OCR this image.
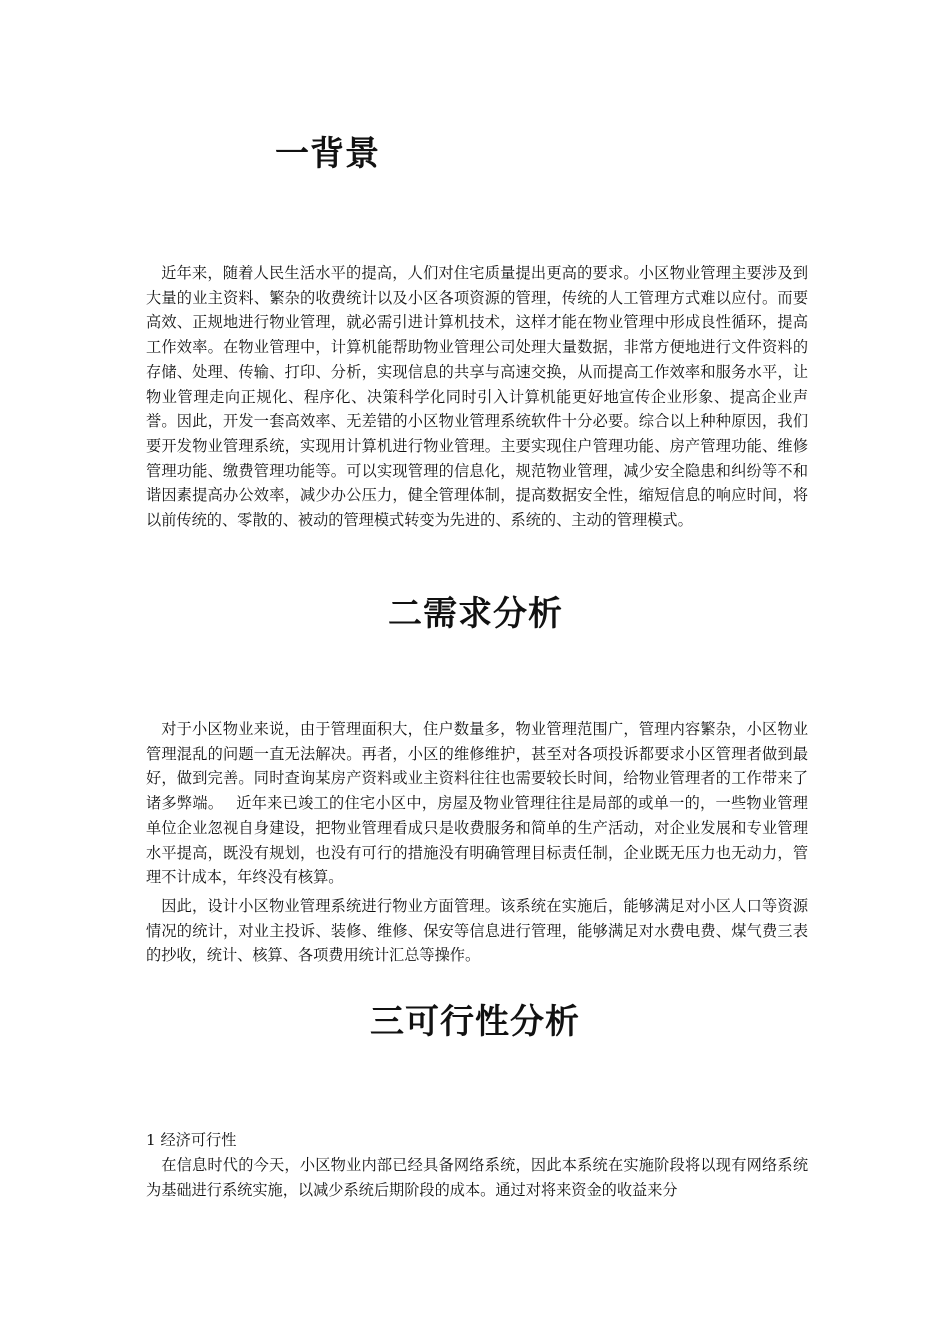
一背景

近年来，随着人民生活水平的提高，人们对住宅质量提出更高的要求。小区物业管理主要涉及到大量的业主资料、繁杂的收费统计以及小区各项资源的管理，传统的人工管理方式难以应付。而要高效、正规地进行物业管理，就必需引进计算机技术，这样才能在物业管理中形成良性循环，提高工作效率。在物业管理中，计算机能帮助物业管理公司处理大量数据，非常方便地进行文件资料的存储、处理、传输、打印、分析，实现信息的共享与高速交换，从而提高工作效率和服务水平，让物业管理走向正规化、程序化、决策科学化同时引入计算机能更好地宣传企业形象、提高企业声誉。因此，开发一套高效率、无差错的小区物业管理系统软件十分必要。综合以上种种原因，我们要开发物业管理系统，实现用计算机进行物业管理。主要实现住户管理功能、房产管理功能、维修管理功能、缴费管理功能等。可以实现管理的信息化，规范物业管理，减少安全隐患和纠纷等不和谐因素提高办公效率，减少办公压力，健全管理体制，提高数据安全性，缩短信息的响应时间，将以前传统的、零散的、被动的管理模式转变为先进的、系统的、主动的管理模式。

二需求分析

对于小区物业来说，由于管理面积大，住户数量多，物业管理范围广，管理内容繁杂，小区物业管理混乱的问题一直无法解决。再者，小区的维修维护，甚至对各项投诉都要求小区管理者做到最好，做到完善。同时查询某房产资料或业主资料往往也需要较长时间，给物业管理者的工作带来了诸多弊端。　 近年来已竣工的住宅小区中，房屋及物业管理往往是局部的或单一的，一些物业管理单位企业忽视自身建设，把物业管理看成只是收费服务和简单的生产活动，对企业发展和专业管理水平提高，既没有规划，也没有可行的措施没有明确管理目标责任制，企业既无压力也无动力，管理不计成本，年终没有核算。

因此，设计小区物业管理系统进行物业方面管理。该系统在实施后，能够满足对小区人口等资源情况的统计，对业主投诉、装修、维修、保安等信息进行管理，能够满足对水费电费、煤气费三表的抄收，统计、核算、各项费用统计汇总等操作。

三可行性分析

1 经济可行性

在信息时代的今天，小区物业内部已经具备网络系统，因此本系统在实施阶段将以现有网络系统为基础进行系统实施，以减少系统后期阶段的成本。通过对将来资金的收益来分
